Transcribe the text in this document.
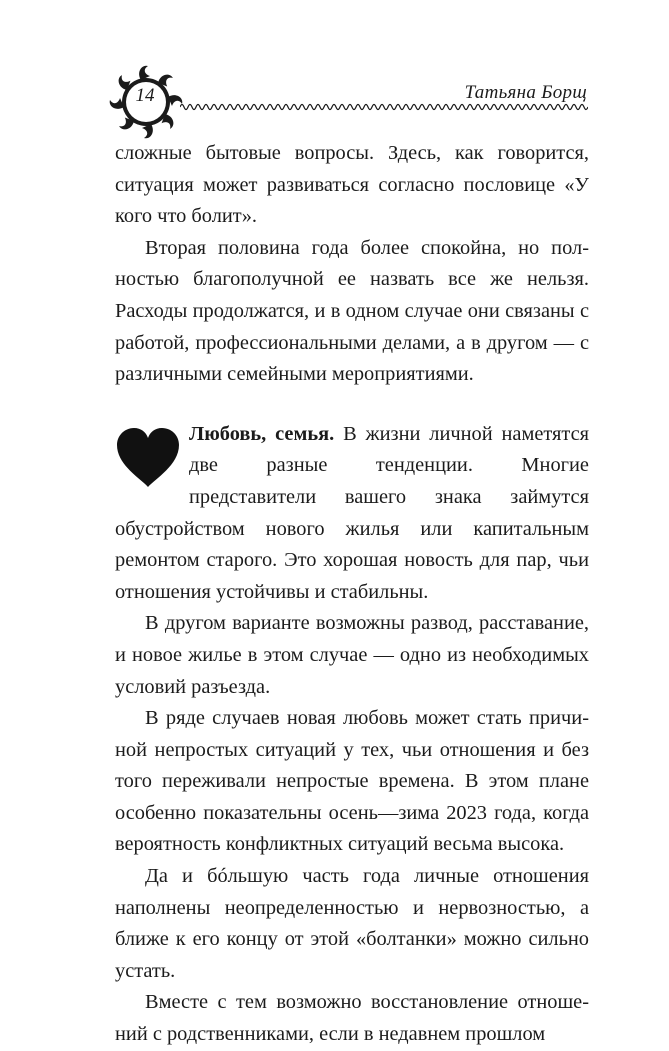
14	Татьяна Борщ

сложные бытовые вопросы. Здесь, как говорится, ситуация может развиваться согласно пословице «У кого что болит».

Вторая половина года более спокойна, но полностью благополучной ее назвать все же нельзя. Расходы продолжатся, и в одном случае они связаны с работой, профессиональными делами, а в другом — с различными семейными мероприятиями.

Любовь, семья. В жизни личной наметятся две разные тенденции. Многие представители вашего знака займутся обустройством нового жилья или капитальным ремонтом старого. Это хорошая новость для пар, чьи отношения устойчивы и стабильны.

В другом варианте возможны развод, расставание, и новое жилье в этом случае — одно из необходимых условий разъезда.

В ряде случаев новая любовь может стать причиной непростых ситуаций у тех, чьи отношения и без того переживали непростые времена. В этом плане особенно показательны осень—зима 2023 года, когда вероятность конфликтных ситуаций весьма высока.

Да и бóльшую часть года личные отношения наполнены неопределенностью и нервозностью, а ближе к его концу от этой «болтанки» можно сильно устать.

Вместе с тем возможно восстановление отношений с родственниками, если в недавнем прошлом
